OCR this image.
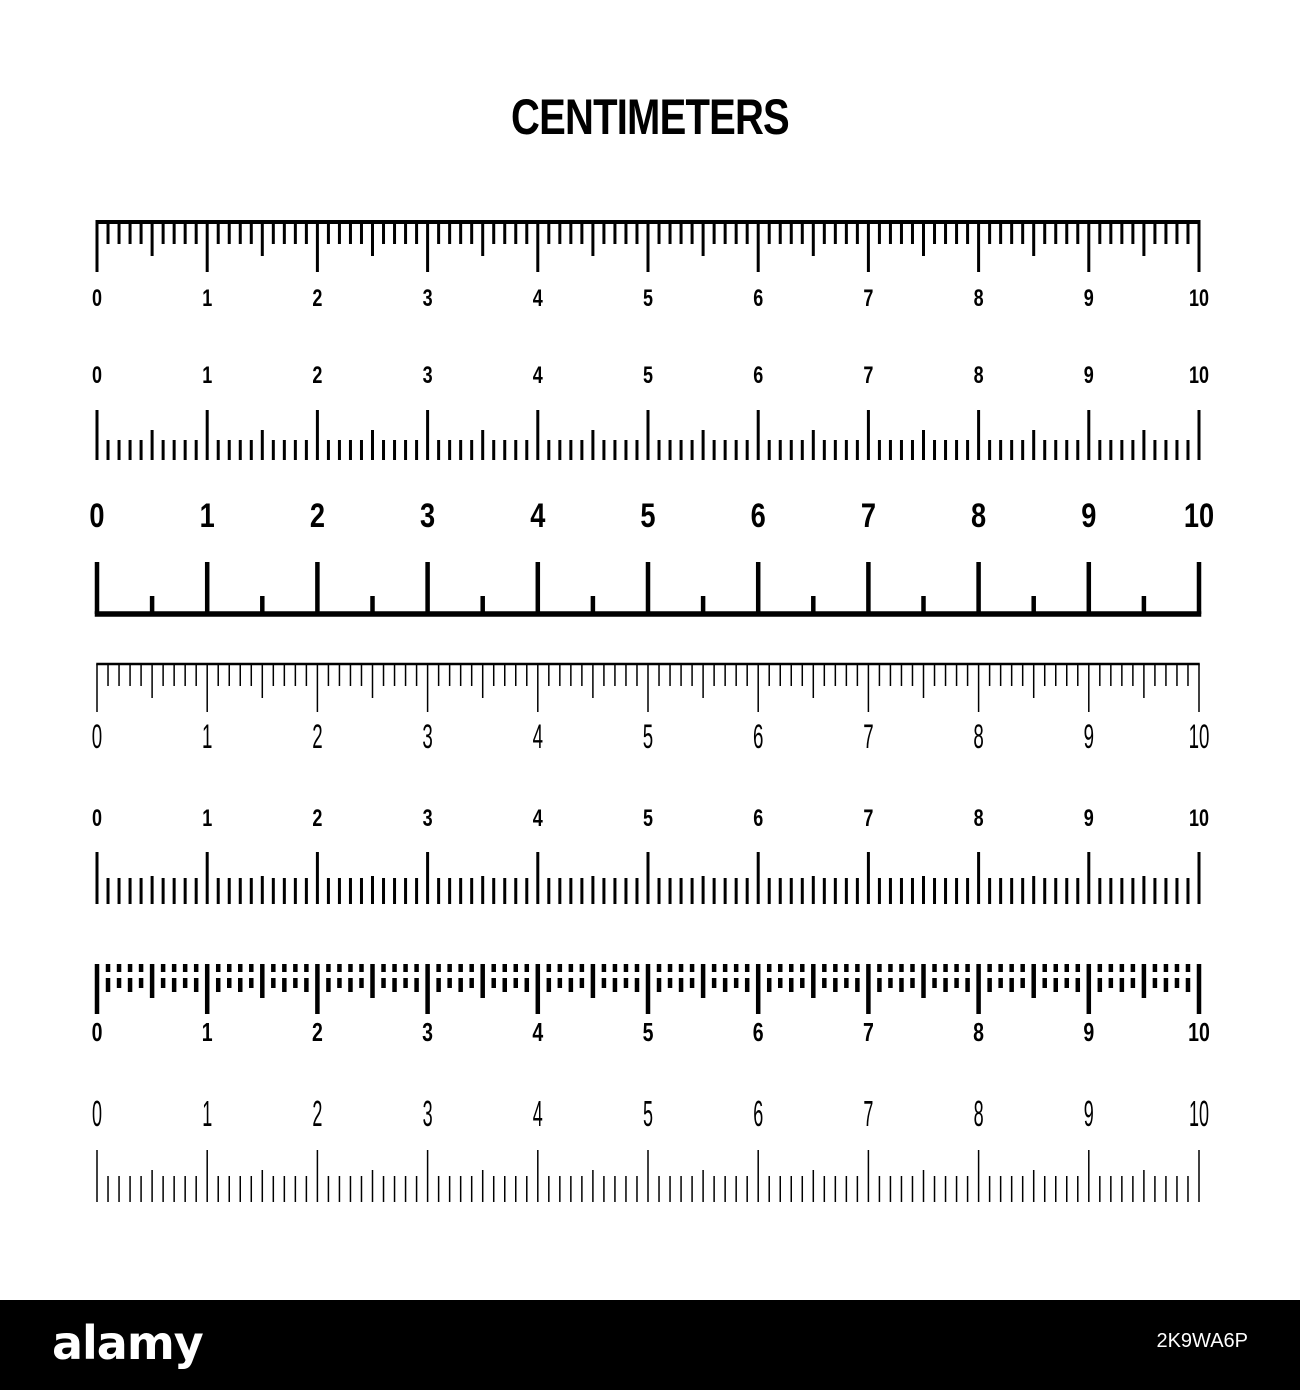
CENTIMETERS
0	1	2	3	4	5	6	7	8	9	10
0	1	2	3	4	5	6	7	8	9	10
0	1	2	3	4	5	6	7	8	9	10
0	1	2	3	4	5	6	7	8	9	10
0	1	2	3	4	5	6	7	8	9	10
0	1	2	3	4	5	6	7	8	9	10
0	1	2	3	4	5	6	7	8	9	10
alamy	2K9WA6P
